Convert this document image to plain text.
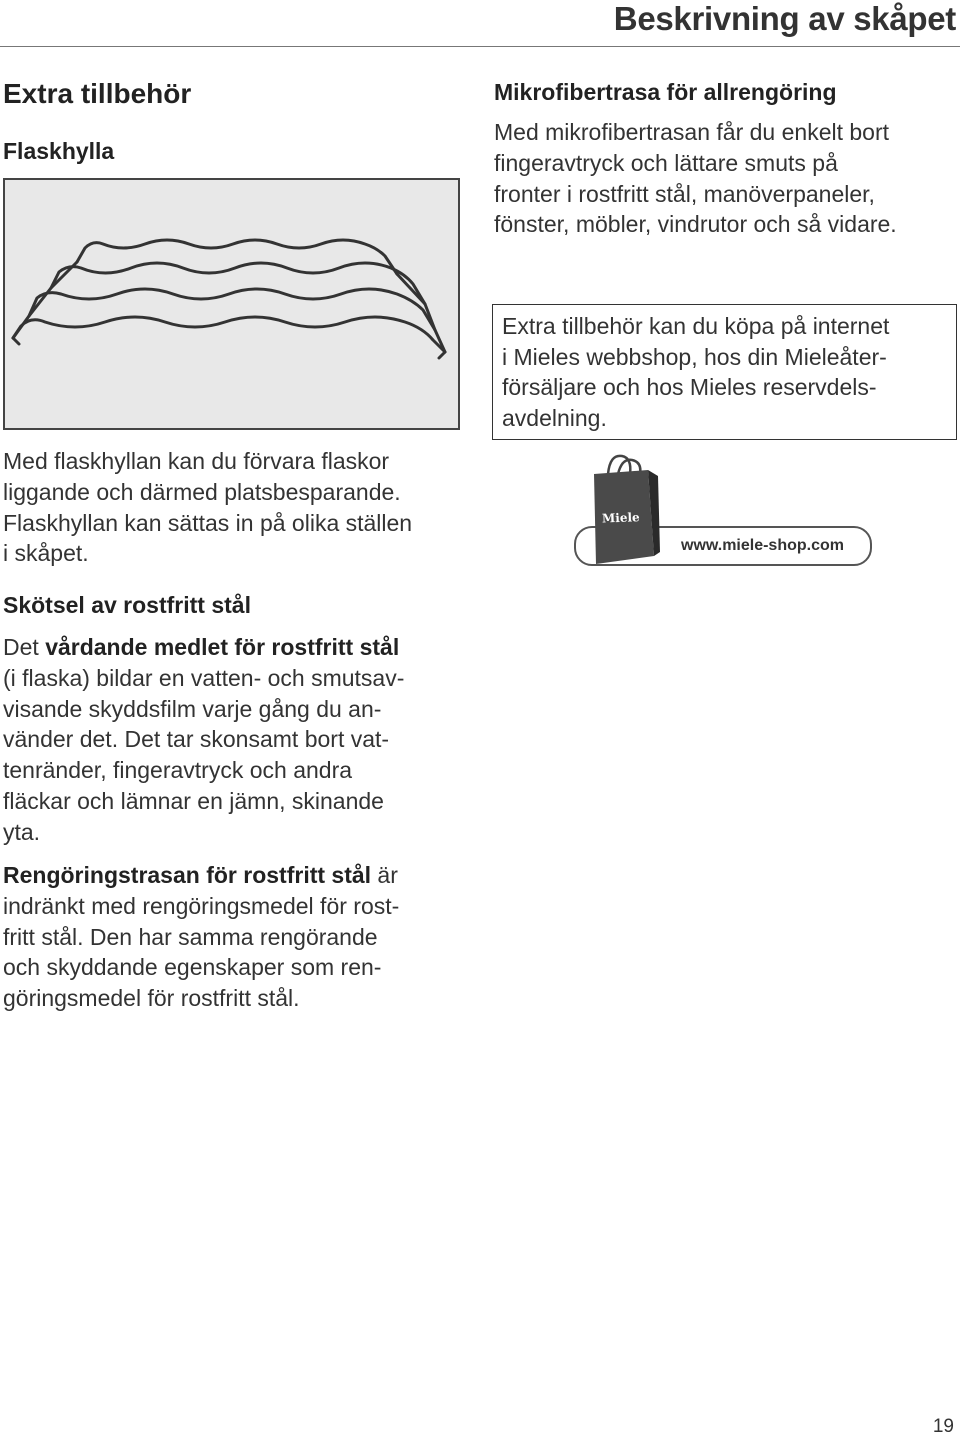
Beskrivning av skåpet
Extra tillbehör
Flaskhylla
Med flaskhyllan kan du förvara flaskor
liggande och därmed platsbesparande.
Flaskhyllan kan sättas in på olika ställen
i skåpet.
Skötsel av rostfritt stål
Det vårdande medlet för rostfritt stål
(i flaska) bildar en vatten- och smutsav-
visande skyddsfilm varje gång du an-
vänder det. Det tar skonsamt bort vat-
tenränder, fingeravtryck och andra
fläckar och lämnar en jämn, skinande
yta.
Rengöringstrasan för rostfritt stål är
indränkt med rengöringsmedel för rost-
fritt stål. Den har samma rengörande
och skyddande egenskaper som ren-
göringsmedel för rostfritt stål.
Mikrofibertrasa för allrengöring
Med mikrofibertrasan får du enkelt bort
fingeravtryck och lättare smuts på
fronter i rostfritt stål, manöverpaneler,
fönster, möbler, vindrutor och så vidare.
Extra tillbehör kan du köpa på internet
i Mieles webbshop, hos din Mieleåter-
försäljare och hos Mieles reservdels-
avdelning.
Miele
www.miele-shop.com
19
